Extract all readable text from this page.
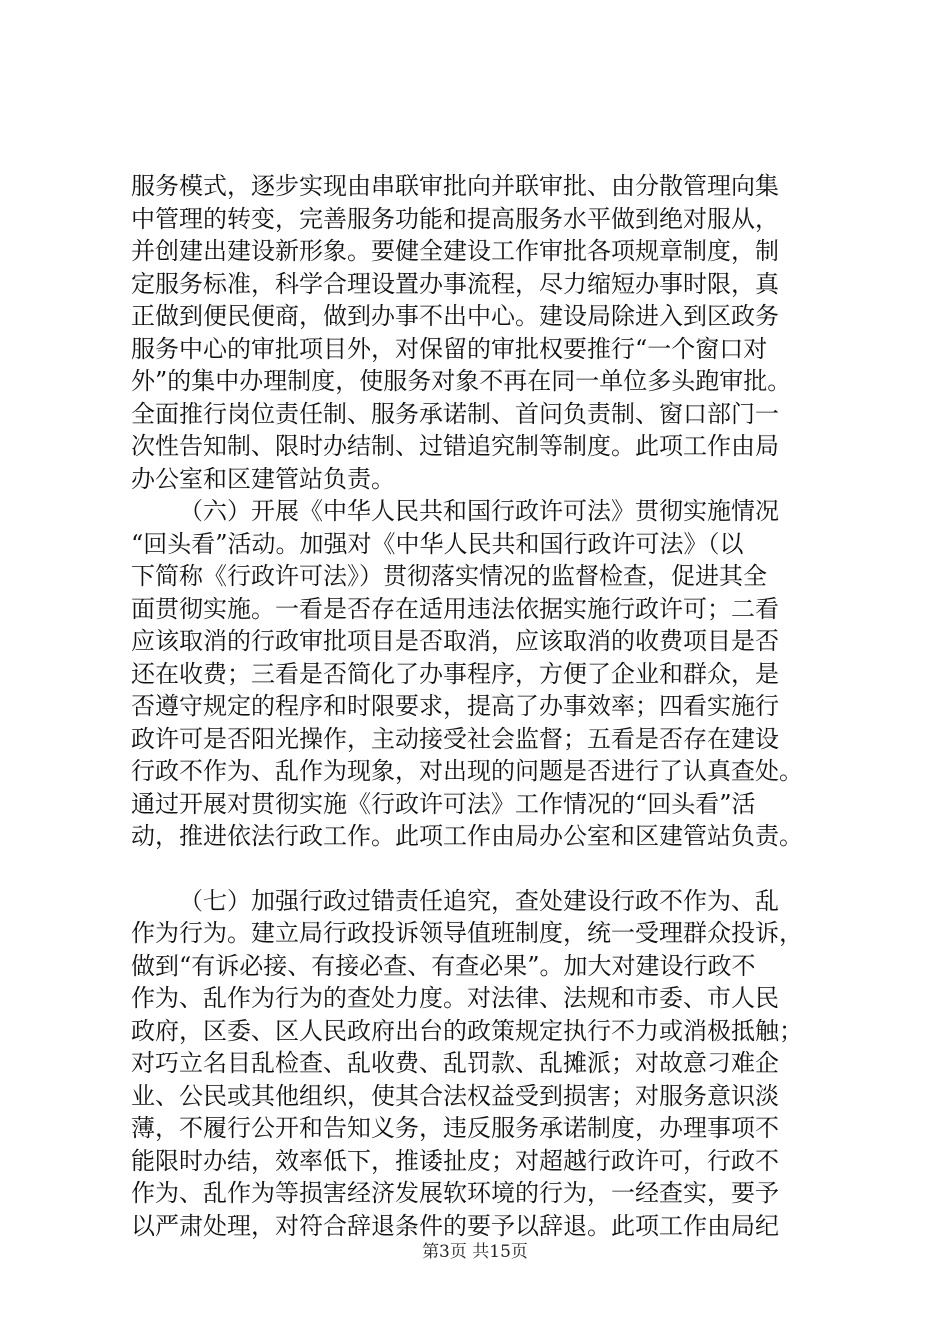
服务模式，逐步实现由串联审批向并联审批、由分散管理向集
中管理的转变，完善服务功能和提高服务水平做到绝对服从，
并创建出建设新形象。要健全建设工作审批各项规章制度，制
定服务标准，科学合理设置办事流程，尽力缩短办事时限，真
正做到便民便商，做到办事不出中心。建设局除进入到区政务
服务中心的审批项目外，对保留的审批权要推行“一个窗口对
外”的集中办理制度，使服务对象不再在同一单位多头跑审批。
全面推行岗位责任制、服务承诺制、首问负责制、窗口部门一
次性告知制、限时办结制、过错追究制等制度。此项工作由局
办公室和区建管站负责。
（六）开展《中华人民共和国行政许可法》贯彻实施情况
“回头看”活动。加强对《中华人民共和国行政许可法》（以
下简称《行政许可法》）贯彻落实情况的监督检查，促进其全
面贯彻实施。一看是否存在适用违法依据实施行政许可；二看
应该取消的行政审批项目是否取消，应该取消的收费项目是否
还在收费；三看是否简化了办事程序，方便了企业和群众，是
否遵守规定的程序和时限要求，提高了办事效率；四看实施行
政许可是否阳光操作，主动接受社会监督；五看是否存在建设
行政不作为、乱作为现象，对出现的问题是否进行了认真查处。
通过开展对贯彻实施《行政许可法》工作情况的“回头看”活
动，推进依法行政工作。此项工作由局办公室和区建管站负责。
（七）加强行政过错责任追究，查处建设行政不作为、乱
作为行为。建立局行政投诉领导值班制度，统一受理群众投诉，
做到“有诉必接、有接必查、有查必果”。加大对建设行政不
作为、乱作为行为的查处力度。对法律、法规和市委、市人民
政府，区委、区人民政府出台的政策规定执行不力或消极抵触；
对巧立名目乱检查、乱收费、乱罚款、乱摊派；对故意刁难企
业、公民或其他组织，使其合法权益受到损害；对服务意识淡
薄，不履行公开和告知义务，违反服务承诺制度，办理事项不
能限时办结，效率低下，推诿扯皮；对超越行政许可，行政不
作为、乱作为等损害经济发展软环境的行为，一经查实，要予
以严肃处理，对符合辞退条件的要予以辞退。此项工作由局纪
第3页 共15页
